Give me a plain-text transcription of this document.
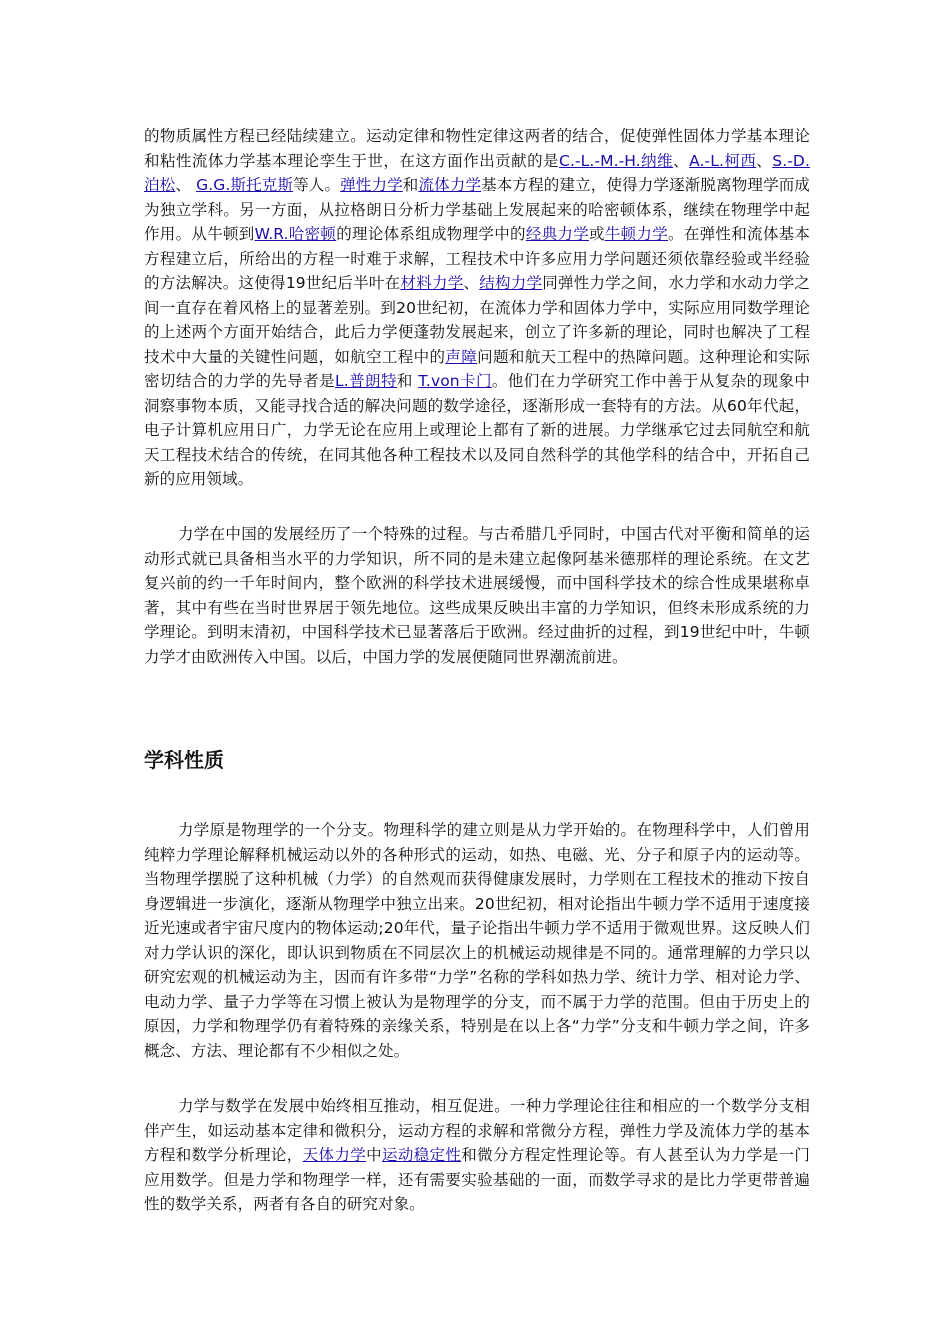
的物质属性方程已经陆续建立。运动定律和物性定律这两者的结合，促使弹性固体力学基本理论和粘性流体力学基本理论孪生于世，在这方面作出贡献的是C.-L.-M.-H.纳维、A.-L.柯西、S.-D.泊松、 G.G.斯托克斯等人。弹性力学和流体力学基本方程的建立，使得力学逐渐脱离物理学而成为独立学科。另一方面，从拉格朗日分析力学基础上发展起来的哈密顿体系，继续在物理学中起作用。从牛顿到W.R.哈密顿的理论体系组成物理学中的经典力学或牛顿力学。在弹性和流体基本方程建立后，所给出的方程一时难于求解，工程技术中许多应用力学问题还须依靠经验或半经验的方法解决。这使得19世纪后半叶在材料力学、结构力学同弹性力学之间，水力学和水动力学之间一直存在着风格上的显著差别。到20世纪初，在流体力学和固体力学中，实际应用同数学理论的上述两个方面开始结合，此后力学便蓬勃发展起来，创立了许多新的理论，同时也解决了工程技术中大量的关键性问题，如航空工程中的声障问题和航天工程中的热障问题。这种理论和实际密切结合的力学的先导者是L.普朗特和 T.von卡门。他们在力学研究工作中善于从复杂的现象中洞察事物本质，又能寻找合适的解决问题的数学途径，逐渐形成一套特有的方法。从60年代起，电子计算机应用日广，力学无论在应用上或理论上都有了新的进展。力学继承它过去同航空和航天工程技术结合的传统，在同其他各种工程技术以及同自然科学的其他学科的结合中，开拓自己新的应用领域。

力学在中国的发展经历了一个特殊的过程。与古希腊几乎同时，中国古代对平衡和简单的运动形式就已具备相当水平的力学知识，所不同的是未建立起像阿基米德那样的理论系统。在文艺复兴前的约一千年时间内，整个欧洲的科学技术进展缓慢，而中国科学技术的综合性成果堪称卓著，其中有些在当时世界居于领先地位。这些成果反映出丰富的力学知识，但终未形成系统的力学理论。到明末清初，中国科学技术已显著落后于欧洲。经过曲折的过程，到19世纪中叶，牛顿力学才由欧洲传入中国。以后，中国力学的发展便随同世界潮流前进。

学科性质

力学原是物理学的一个分支。物理科学的建立则是从力学开始的。在物理科学中，人们曾用纯粹力学理论解释机械运动以外的各种形式的运动，如热、电磁、光、分子和原子内的运动等。当物理学摆脱了这种机械（力学）的自然观而获得健康发展时，力学则在工程技术的推动下按自身逻辑进一步演化，逐渐从物理学中独立出来。20世纪初，相对论指出牛顿力学不适用于速度接近光速或者宇宙尺度内的物体运动;20年代，量子论指出牛顿力学不适用于微观世界。这反映人们对力学认识的深化，即认识到物质在不同层次上的机械运动规律是不同的。通常理解的力学只以研究宏观的机械运动为主，因而有许多带“力学”名称的学科如热力学、统计力学、相对论力学、电动力学、量子力学等在习惯上被认为是物理学的分支，而不属于力学的范围。但由于历史上的原因，力学和物理学仍有着特殊的亲缘关系，特别是在以上各“力学”分支和牛顿力学之间，许多概念、方法、理论都有不少相似之处。

力学与数学在发展中始终相互推动，相互促进。一种力学理论往往和相应的一个数学分支相伴产生，如运动基本定律和微积分，运动方程的求解和常微分方程，弹性力学及流体力学的基本方程和数学分析理论，天体力学中运动稳定性和微分方程定性理论等。有人甚至认为力学是一门应用数学。但是力学和物理学一样，还有需要实验基础的一面，而数学寻求的是比力学更带普遍性的数学关系，两者有各自的研究对象。
